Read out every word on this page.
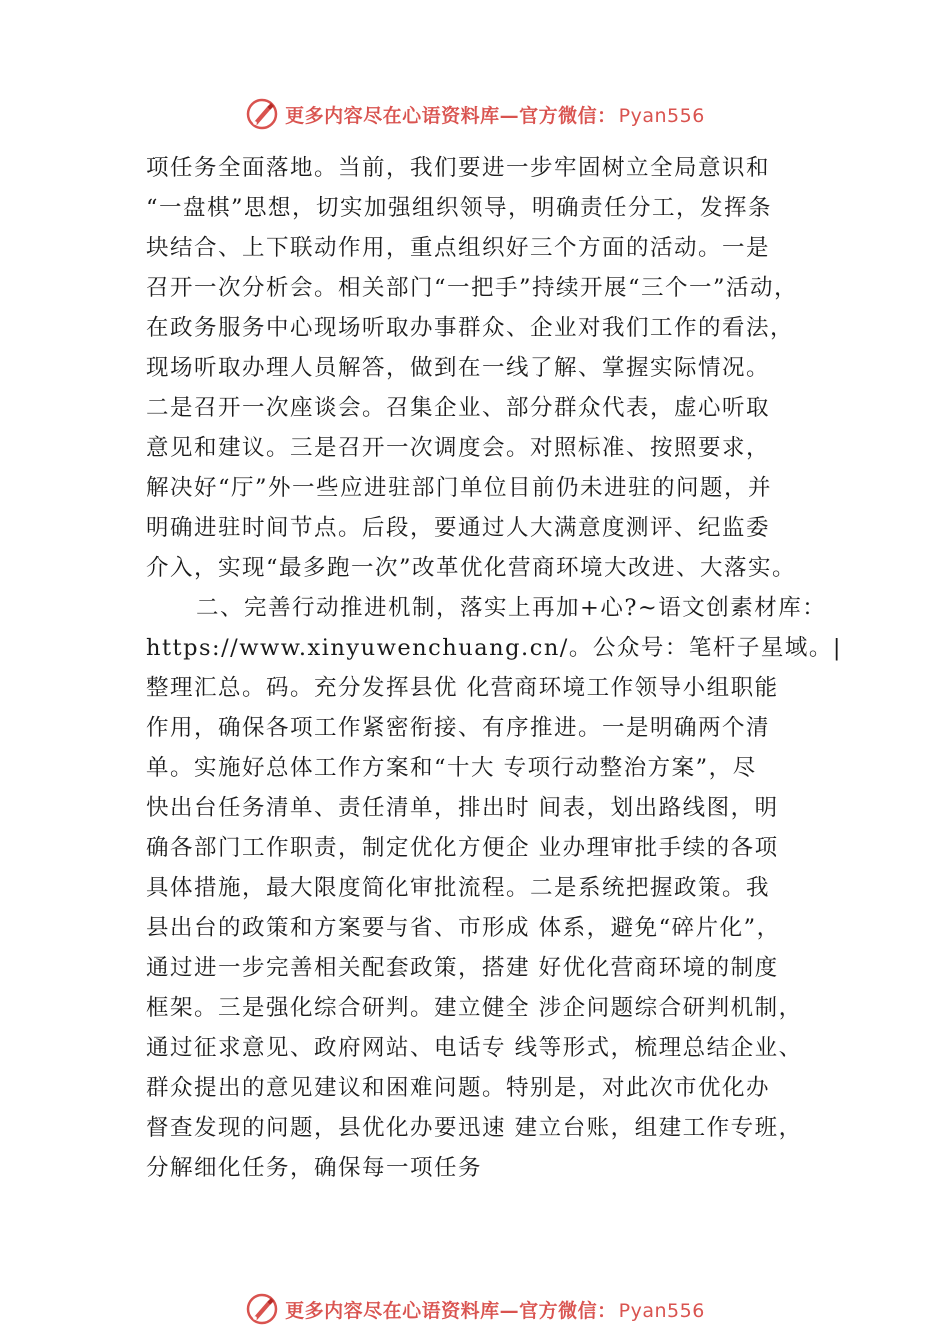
更多内容尽在心语资料库—官方微信： Pyan556
项任务全面落地。当前，我们要进一步牢固树立全局意识和
“一盘棋”思想，切实加强组织领导，明确责任分工，发挥条
块结合、上下联动作用，重点组织好三个方面的活动。一是
召开一次分析会。相关部门“一把手”持续开展“三个一”活动，
在政务服务中心现场听取办事群众、企业对我们工作的看法，
现场听取办理人员解答，做到在一线了解、掌握实际情况。
二是召开一次座谈会。召集企业、部分群众代表，虚心听取
意见和建议。三是召开一次调度会。对照标准、按照要求，
解决好“厅”外一些应进驻部门单位目前仍未进驻的问题，并
明确进驻时间节点。后段，要通过人大满意度测评、纪监委
介入，实现“最多跑一次”改革优化营商环境大改进、大落实。
二、完善行动推进机制，落实上再加+心?~语文创素材库：
https://www.xinyuwenchuang.cn/。公众号：笔杆子星域。|
整理汇总。码。充分发挥县优 化营商环境工作领导小组职能
作用，确保各项工作紧密衔接、有序推进。一是明确两个清
单。实施好总体工作方案和“十大 专项行动整治方案”，尽
快出台任务清单、责任清单，排出时 间表，划出路线图，明
确各部门工作职责，制定优化方便企 业办理审批手续的各项
具体措施，最大限度简化审批流程。二是系统把握政策。我
县出台的政策和方案要与省、市形成 体系，避免“碎片化”，
通过进一步完善相关配套政策，搭建 好优化营商环境的制度
框架。三是强化综合研判。建立健全 涉企问题综合研判机制，
通过征求意见、政府网站、电话专 线等形式，梳理总结企业、
群众提出的意见建议和困难问题。特别是，对此次市优化办
督查发现的问题，县优化办要迅速 建立台账，组建工作专班，
分解细化任务，确保每一项任务
更多内容尽在心语资料库—官方微信： Pyan556
